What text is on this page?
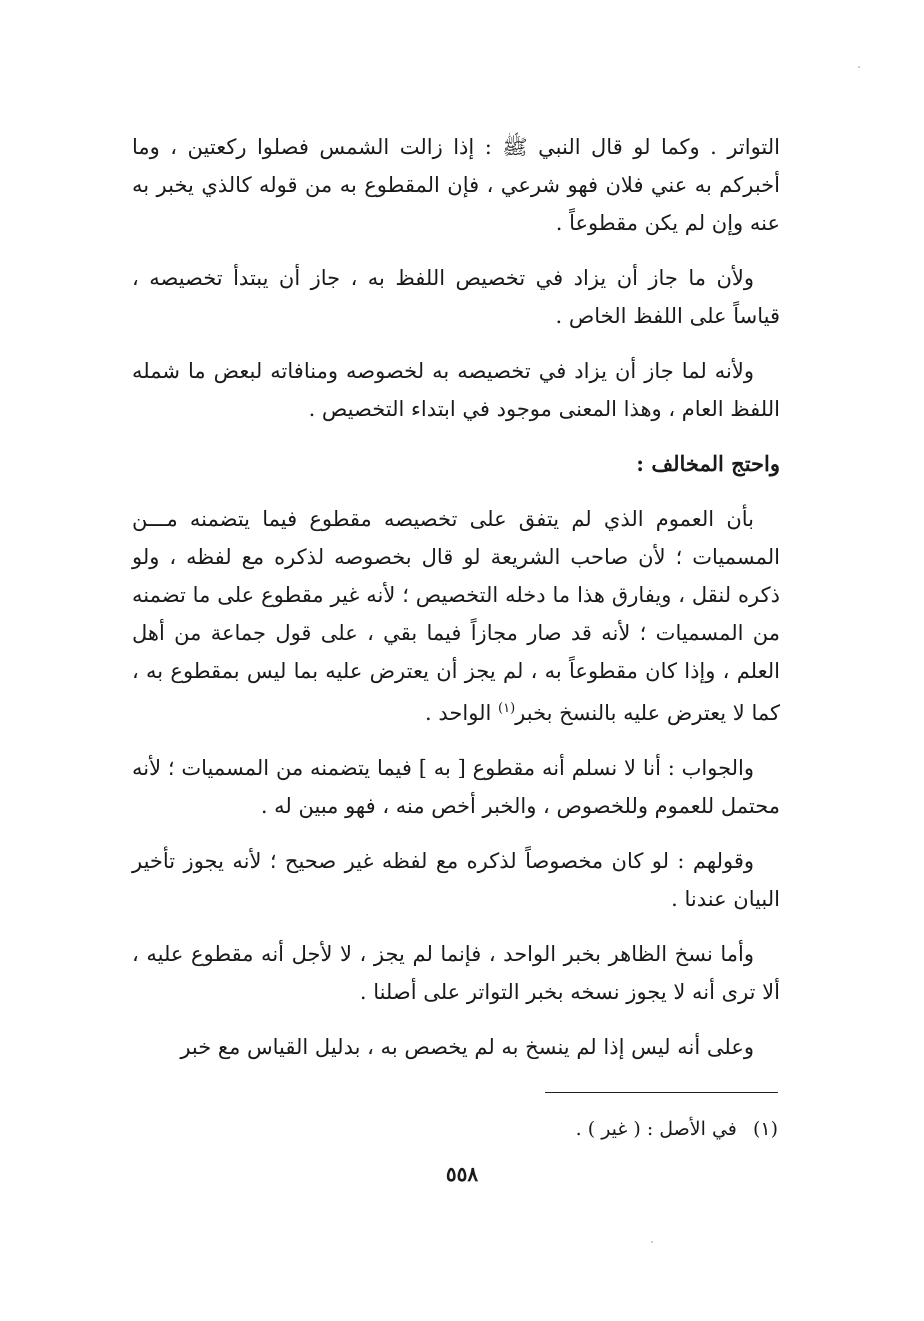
التواتر . وكما لو قال النبي ﷺ : إذا زالت الشمس فصلوا ركعتين ، وما أخبركم به عني فلان فهو شرعي ، فإن المقطوع به من قوله كالذي يخبر به عنه وإن لم يكن مقطوعاً .

ولأن ما جاز أن يزاد في تخصيص اللفظ به ، جاز أن يبتدأ تخصيصه ، قياساً على اللفظ الخاص .

ولأنه لما جاز أن يزاد في تخصيصه به لخصوصه ومنافاته لبعض ما شمله اللفظ العام ، وهذا المعنى موجود في ابتداء التخصيص .

واحتج المخالف :

بأن العموم الذي لم يتفق على تخصيصه مقطوع فيما يتضمنه مـــن المسميات ؛ لأن صاحب الشريعة لو قال بخصوصه لذكره مع لفظه ، ولو ذكره لنقل ، ويفارق هذا ما دخله التخصيص ؛ لأنه غير مقطوع على ما تضمنه من المسميات ؛ لأنه قد صار مجازاً فيما بقي ، على قول جماعة من أهل العلم ، وإذا كان مقطوعاً به ، لم يجز أن يعترض عليه بما ليس بمقطوع به ، كما لا يعترض عليه بالنسخ بخبر$^{(١)}$ الواحد .

والجواب : أنا لا نسلم أنه مقطوع [ به ] فيما يتضمنه من المسميات ؛ لأنه محتمل للعموم وللخصوص ، والخبر أخص منه ، فهو مبين له .

وقولهم : لو كان مخصوصاً لذكره مع لفظه غير صحيح ؛ لأنه يجوز تأخير البيان عندنا .

وأما نسخ الظاهر بخبر الواحد ، فإنما لم يجز ، لا لأجل أنه مقطوع عليه ، ألا ترى أنه لا يجوز نسخه بخبر التواتر على أصلنا .

وعلى أنه ليس إذا لم ينسخ به لم يخصص به ، بدليل القياس مع خبر

(١) في الأصل : ( غير ) .
٥٥٨
